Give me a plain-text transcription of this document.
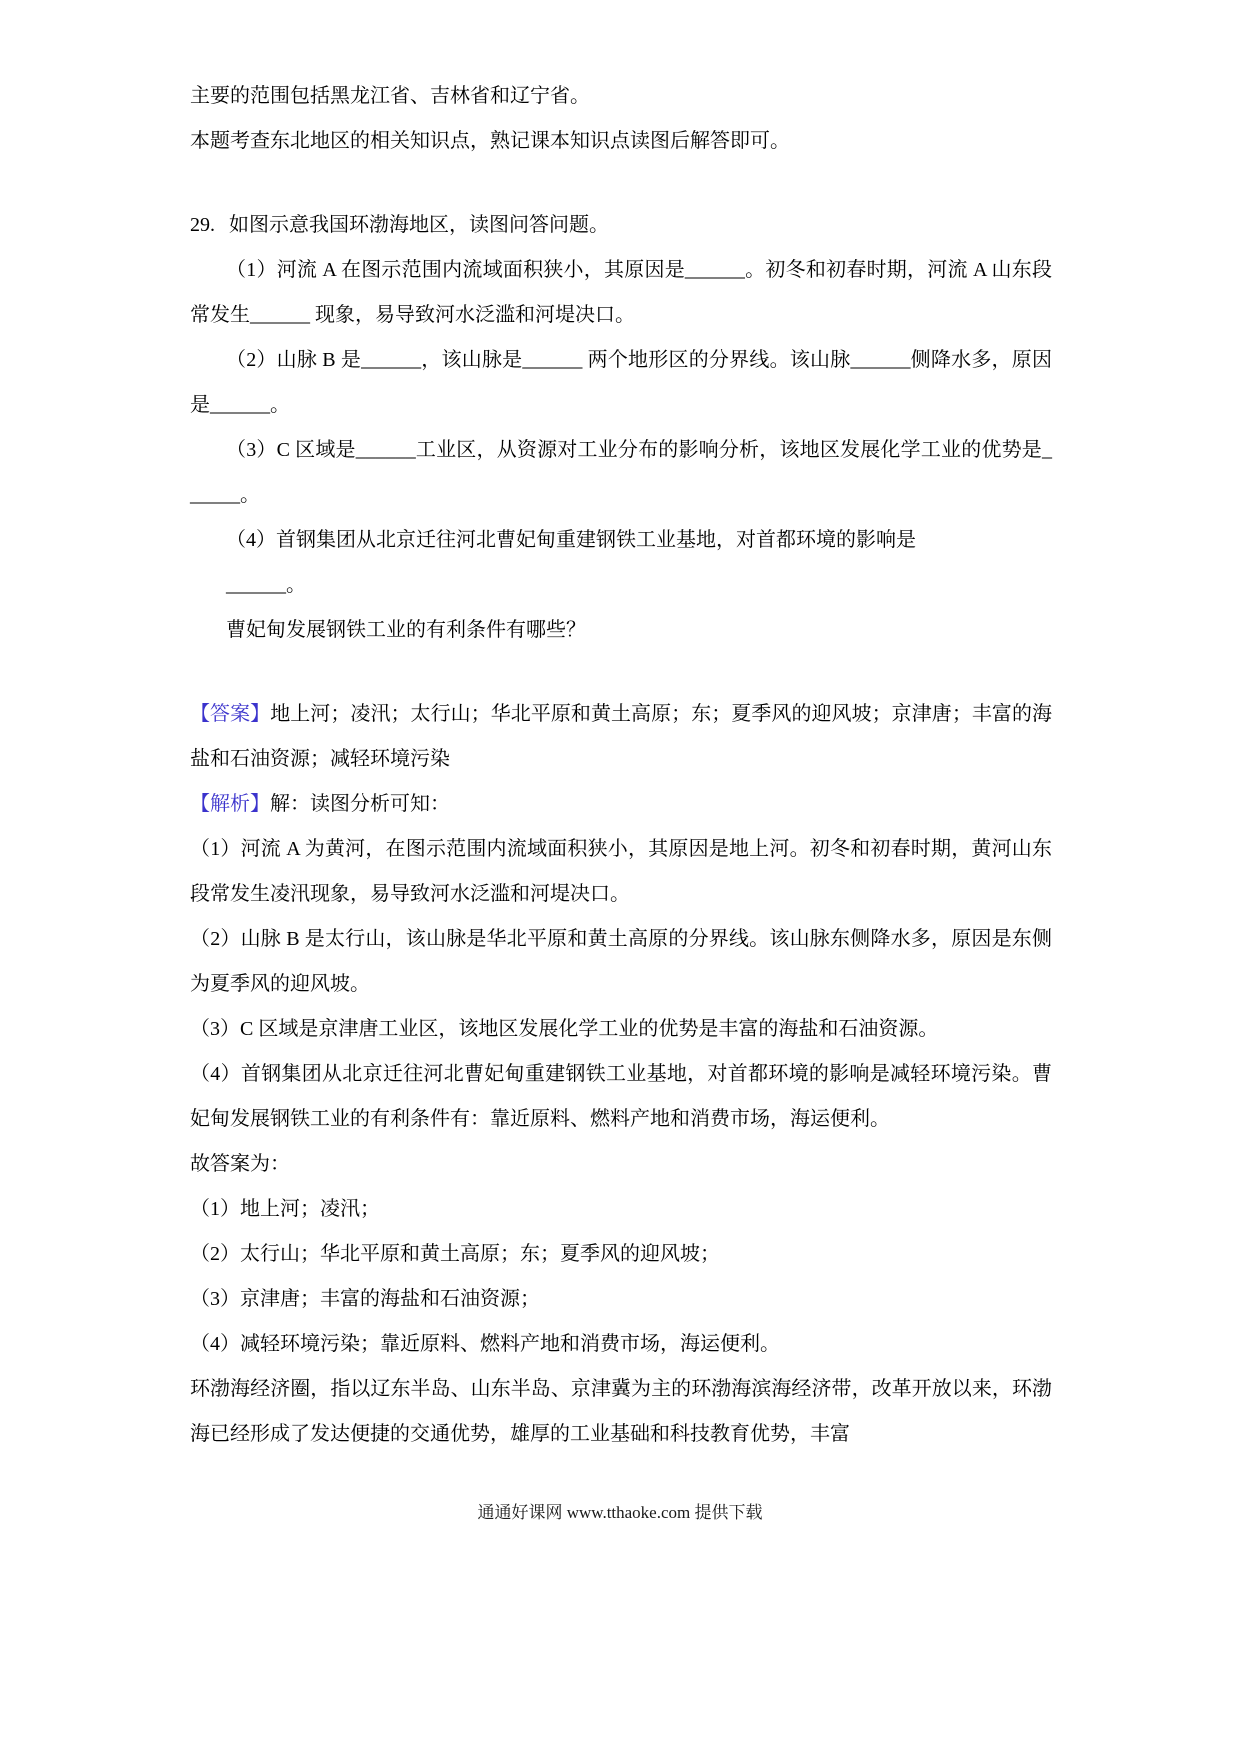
主要的范围包括黑龙江省、吉林省和辽宁省。

本题考查东北地区的相关知识点，熟记课本知识点读图后解答即可。

29. 如图示意我国环渤海地区，读图问答问题。

（1）河流 A 在图示范围内流域面积狭小，其原因是______。初冬和初春时期，河流 A 山东段常发生______ 现象，易导致河水泛滥和河堤决口。

（2）山脉 B 是______，该山脉是______ 两个地形区的分界线。该山脉______侧降水多，原因是______。

（3）C 区域是______工业区，从资源对工业分布的影响分析，该地区发展化学工业的优势是______。

（4）首钢集团从北京迁往河北曹妃甸重建钢铁工业基地，对首都环境的影响是

______。

曹妃甸发展钢铁工业的有利条件有哪些？

【答案】地上河；凌汛；太行山；华北平原和黄土高原；东；夏季风的迎风坡；京津唐；丰富的海盐和石油资源；减轻环境污染

【解析】解：读图分析可知：

（1）河流 A 为黄河，在图示范围内流域面积狭小，其原因是地上河。初冬和初春时期，黄河山东段常发生凌汛现象，易导致河水泛滥和河堤决口。

（2）山脉 B 是太行山，该山脉是华北平原和黄土高原的分界线。该山脉东侧降水多，原因是东侧为夏季风的迎风坡。

（3）C 区域是京津唐工业区，该地区发展化学工业的优势是丰富的海盐和石油资源。

（4）首钢集团从北京迁往河北曹妃甸重建钢铁工业基地，对首都环境的影响是减轻环境污染。曹妃甸发展钢铁工业的有利条件有：靠近原料、燃料产地和消费市场，海运便利。

故答案为：

（1）地上河；凌汛；

（2）太行山；华北平原和黄土高原；东；夏季风的迎风坡；

（3）京津唐；丰富的海盐和石油资源；

（4）减轻环境污染；靠近原料、燃料产地和消费市场，海运便利。

环渤海经济圈，指以辽东半岛、山东半岛、京津冀为主的环渤海滨海经济带，改革开放以来，环渤海已经形成了发达便捷的交通优势，雄厚的工业基础和科技教育优势，丰富

通通好课网 www.tthaoke.com 提供下载
